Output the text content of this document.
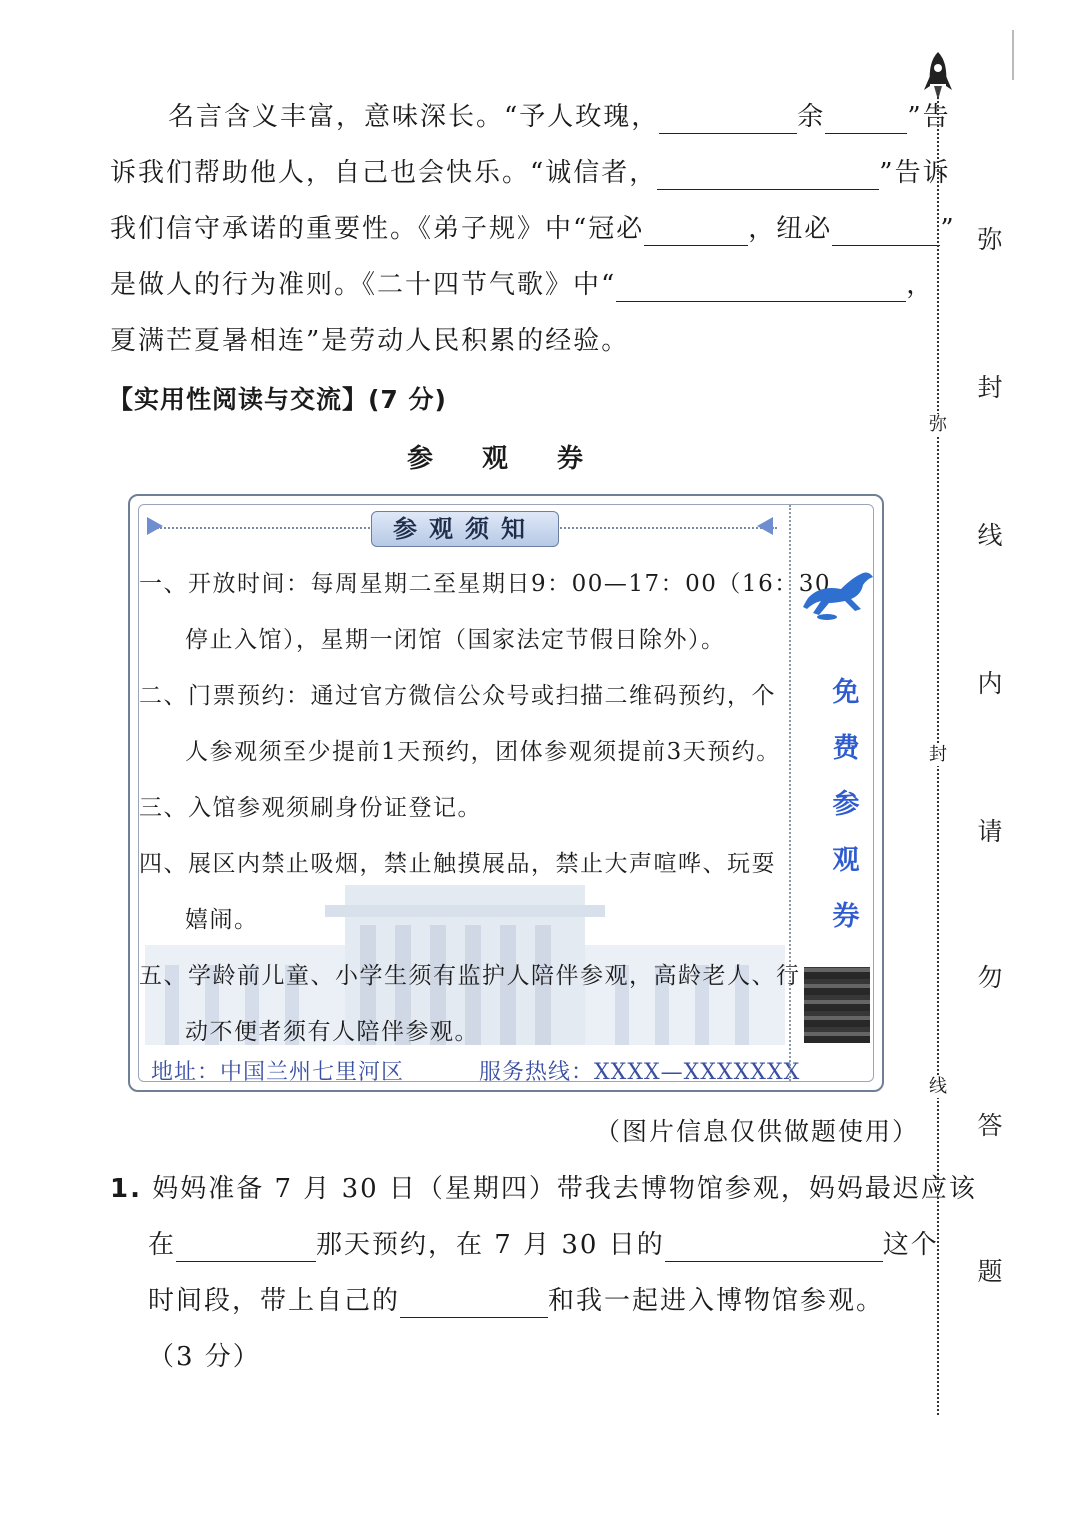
名言含义丰富，意味深长。“予人玫瑰，	余	”告
诉我们帮助他人，自己也会快乐。“诚信者，	”告诉
我们信守承诺的重要性。《弟子规》中“冠必	，纽必	”
是做人的行为准则。《二十四节气歌》中“	，
夏满芒夏暑相连”是劳动人民积累的经验。
【实用性阅读与交流】(7 分)
参 观 券
参观须知
一、开放时间：每周星期二至星期日9：00—17：00（16：30
停止入馆），星期一闭馆（国家法定节假日除外）。
二、门票预约：通过官方微信公众号或扫描二维码预约，个
人参观须至少提前1天预约，团体参观须提前3天预约。
三、入馆参观须刷身份证登记。
四、展区内禁止吸烟，禁止触摸展品，禁止大声喧哗、玩耍
嬉闹。
五、学龄前儿童、小学生须有监护人陪伴参观，高龄老人、行
动不便者须有人陪伴参观。
地址：中国兰州七里河区	服务热线：XXXX—XXXXXXX
免
费
参
观
券
（图片信息仅供做题使用）
1. 妈妈准备 7 月 30 日（星期四）带我去博物馆参观，妈妈最迟应该
在	那天预约，在 7 月 30 日的	这个
时间段，带上自己的	和我一起进入博物馆参观。
（3 分）
弥
封
线
弥
封
线
内
请
勿
答
题
